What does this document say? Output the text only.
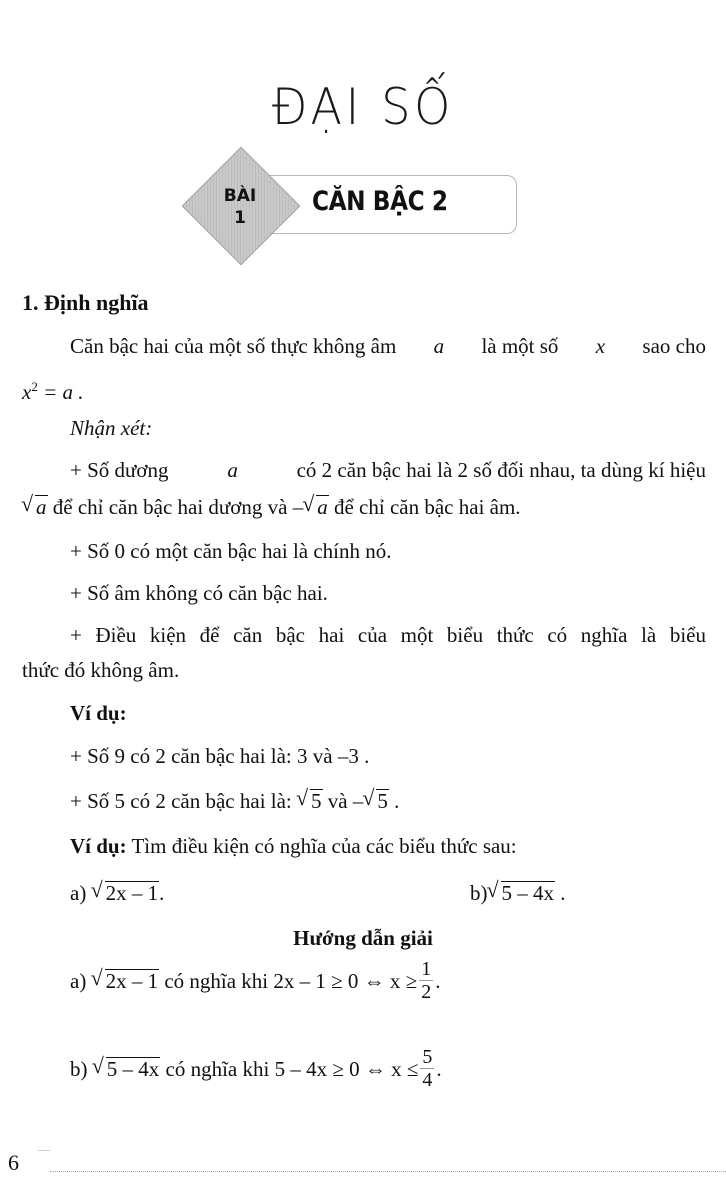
ĐẠI SỐ
CĂN BẬC 2
BÀI
1
1. Định nghĩa
Căn bậc hai của một số thực không âm a là một số x sao cho
$x^2 = a$ .
Nhận xét:
+ Số dương	a	có 2 căn bậc hai là 2 số đối nhau, ta dùng kí hiệu
√ a để chỉ căn bậc hai dương và – √ a để chỉ căn bậc hai âm.
+ Số 0 có một căn bậc hai là chính nó.
+ Số âm không có căn bậc hai.
+ Điều kiện để căn bậc hai của một biểu thức có nghĩa là biểu
thức đó không âm.
Ví dụ:
+ Số 9 có 2 căn bậc hai là: 3 và –3 .
+ Số 5 có 2 căn bậc hai là: √ 5 và – √ 5 .
Ví dụ: Tìm điều kiện có nghĩa của các biểu thức sau:
a) √ 2x – 1.	b) √ 5 – 4x .
Hướng dẫn giải
a)
√ 2x – 1
có nghĩa khi
2x – 1 ≥ 0 ⇔ $x \ge \frac{1}{2}$ .
b)
√ 5 – 4x
có nghĩa khi
5 – 4x ≥ 0 ⇔ $x \le \frac{5}{4}$ .
6
